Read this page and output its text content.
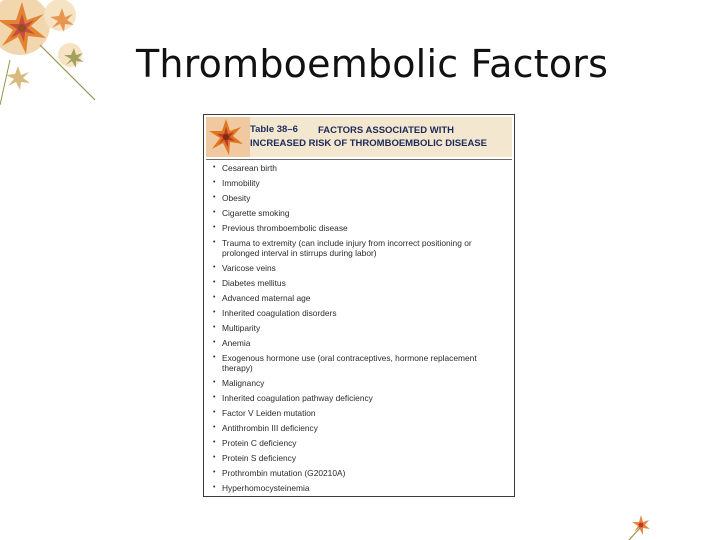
Thromboembolic Factors
Table 38–6	FACTORS ASSOCIATED WITH INCREASED RISK OF THROMBOEMBOLIC DISEASE
• Cesarean birth
• Immobility
• Obesity
• Cigarette smoking
• Previous thromboembolic disease
• Trauma to extremity (can include injury from incorrect positioning or prolonged interval in stirrups during labor)
• Varicose veins
• Diabetes mellitus
• Advanced maternal age
• Inherited coagulation disorders
• Multiparity
• Anemia
• Exogenous hormone use (oral contraceptives, hormone replacement therapy)
• Malignancy
• Inherited coagulation pathway deficiency
• Factor V Leiden mutation
• Antithrombin III deficiency
• Protein C deficiency
• Protein S deficiency
• Prothrombin mutation (G20210A)
• Hyperhomocysteinemia
